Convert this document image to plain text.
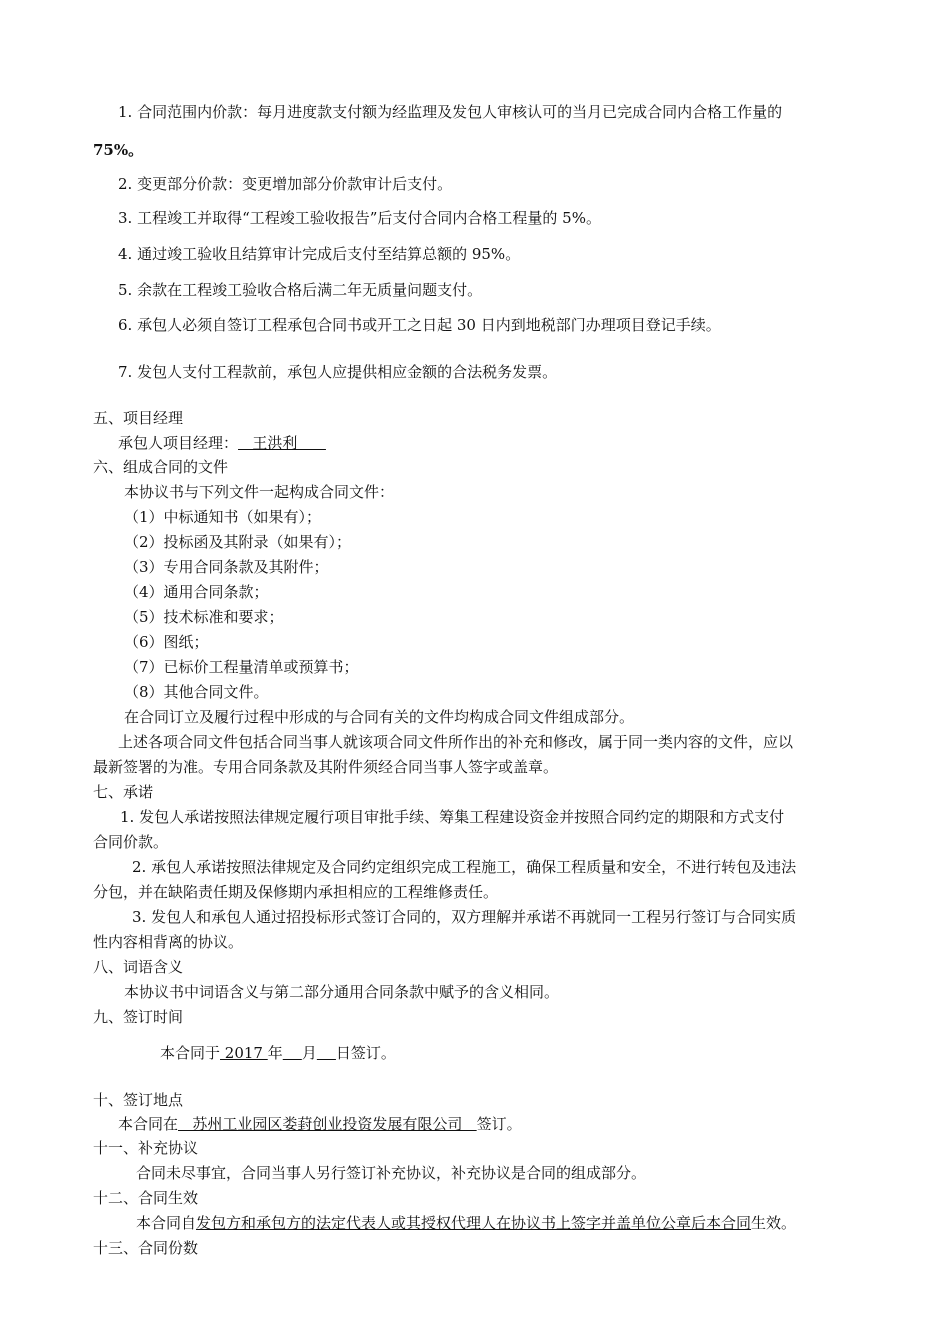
1. 合同范围内价款：每月进度款支付额为经监理及发包人审核认可的当月已完成合同内合格工作量的
75%。
2. 变更部分价款：变更增加部分价款审计后支付。
3. 工程竣工并取得“工程竣工验收报告”后支付合同内合格工程量的 5%。
4. 通过竣工验收且结算审计完成后支付至结算总额的 95%。
5. 余款在工程竣工验收合格后满二年无质量问题支付。
6. 承包人必须自签订工程承包合同书或开工之日起 30 日内到地税部门办理项目登记手续。
7. 发包人支付工程款前，承包人应提供相应金额的合法税务发票。
五、项目经理
承包人项目经理：   王洪利
六、组成合同的文件
本协议书与下列文件一起构成合同文件：
（1）中标通知书（如果有）；
（2）投标函及其附录（如果有）；
（3）专用合同条款及其附件；
（4）通用合同条款；
（5）技术标准和要求；
（6）图纸；
（7）已标价工程量清单或预算书；
（8）其他合同文件。
在合同订立及履行过程中形成的与合同有关的文件均构成合同文件组成部分。
上述各项合同文件包括合同当事人就该项合同文件所作出的补充和修改，属于同一类内容的文件，应以
最新签署的为准。专用合同条款及其附件须经合同当事人签字或盖章。
七、承诺
1. 发包人承诺按照法律规定履行项目审批手续、筹集工程建设资金并按照合同约定的期限和方式支付
合同价款。
2. 承包人承诺按照法律规定及合同约定组织完成工程施工，确保工程质量和安全，不进行转包及违法
分包，并在缺陷责任期及保修期内承担相应的工程维修责任。
3. 发包人和承包人通过招投标形式签订合同的，双方理解并承诺不再就同一工程另行签订与合同实质
性内容相背离的协议。
八、词语含义
本协议书中词语含义与第二部分通用合同条款中赋予的含义相同。
九、签订时间
本合同于 2017 年 月 日签订。
十、签订地点
本合同在   苏州工业园区娄葑创业投资发展有限公司   签订。
十一、补充协议
合同未尽事宜，合同当事人另行签订补充协议，补充协议是合同的组成部分。
十二、合同生效
本合同自发包方和承包方的法定代表人或其授权代理人在协议书上签字并盖单位公章后本合同生效。
十三、合同份数
